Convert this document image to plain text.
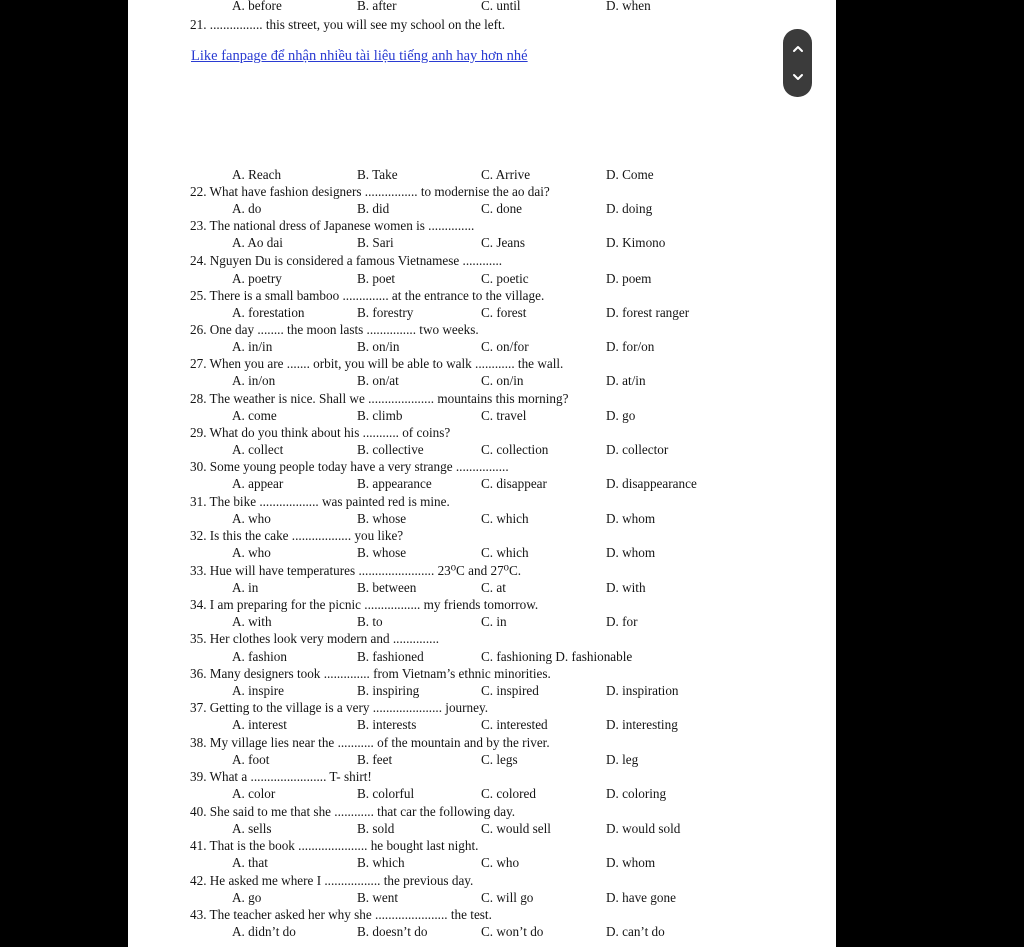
A. before	B. after	C. until	D. when
21. ................ this street, you will see my school on the left.
Like fanpage để nhận nhiều tài liệu tiếng anh hay hơn nhé
A. Reach	B. Take	C. Arrive	D. Come
22. What have fashion designers ................ to modernise the ao dai?
A. do	B. did	C. done	D. doing
23. The national dress of Japanese women is ..............
A. Ao dai	B. Sari	C. Jeans	D. Kimono
24. Nguyen Du is considered a famous Vietnamese ............
A. poetry	B. poet	C. poetic	D. poem
25. There is a small bamboo .............. at the entrance to the village.
A. forestation	B. forestry	C. forest	D. forest ranger
26. One day ........ the moon lasts ............... two weeks.
A. in/in	B. on/in	C. on/for	D. for/on
27. When you are ....... orbit, you will be able to walk ............ the wall.
A. in/on	B. on/at	C. on/in	D. at/in
28. The weather is nice. Shall we .................... mountains this morning?
A. come	B. climb	C. travel	D. go
29. What do you think about his ........... of coins?
A. collect	B. collective	C. collection	D. collector
30. Some young people today have a very strange ................
A. appear	B. appearance	C. disappear	D. disappearance
31. The bike .................. was painted red is mine.
A. who	B. whose	C. which	D. whom
32. Is this the cake .................. you like?
A. who	B. whose	C. which	D. whom
33. Hue will have temperatures ....................... 23⁰C and 27⁰C.
A. in	B. between	C. at	D. with
34. I am preparing for the picnic ................. my friends tomorrow.
A. with	B. to	C. in	D. for
35. Her clothes look very modern and ..............
A. fashion	B. fashioned	C. fashioning D. fashionable
36. Many designers took .............. from Vietnam’s ethnic minorities.
A. inspire	B. inspiring	C. inspired	D. inspiration
37. Getting to the village is a very ..................... journey.
A. interest	B. interests	C. interested	D. interesting
38. My village lies near the ........... of the mountain and by the river.
A. foot	B. feet	C. legs	D. leg
39. What a ....................... T- shirt!
A. color	B. colorful	C. colored	D. coloring
40. She said to me that she ............ that car the following day.
A. sells	B. sold	C. would sell	D. would sold
41. That is the book ..................... he bought last night.
A. that	B. which	C. who	D. whom
42. He asked me where I ................. the previous day.
A. go	B. went	C. will go	D. have gone
43. The teacher asked her why she ...................... the test.
A. didn’t do	B. doesn’t do	C. won’t do	D. can’t do
